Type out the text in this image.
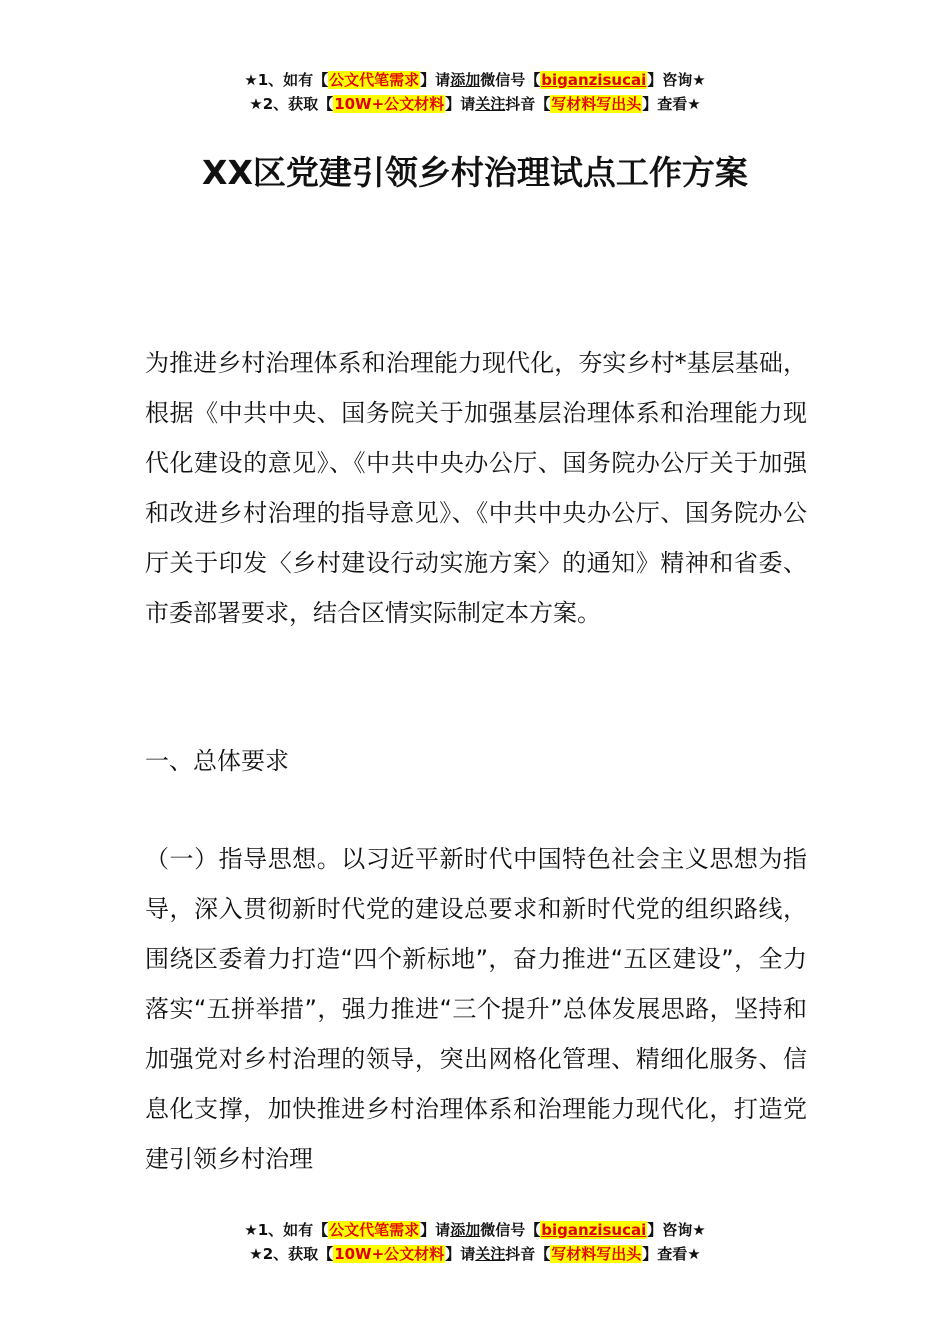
★1、如有【公文代笔需求】请添加微信号【biganzisucai】咨询★
★2、获取【10W+公文材料】请关注抖音【写材料写出头】查看★
XX区党建引领乡村治理试点工作方案
为推进乡村治理体系和治理能力现代化，夯实乡村*基层基础，根据《中共中央、国务院关于加强基层治理体系和治理能力现代化建设的意见》、《中共中央办公厅、国务院办公厅关于加强和改进乡村治理的指导意见》、《中共中央办公厅、国务院办公厅关于印发〈乡村建设行动实施方案〉的通知》精神和省委、市委部署要求，结合区情实际制定本方案。
一、总体要求
（一）指导思想。以习近平新时代中国特色社会主义思想为指导，深入贯彻新时代党的建设总要求和新时代党的组织路线，围绕区委着力打造“四个新标地”，奋力推进“五区建设”，全力落实“五拼举措”，强力推进“三个提升”总体发展思路，坚持和加强党对乡村治理的领导，突出网格化管理、精细化服务、信息化支撑，加快推进乡村治理体系和治理能力现代化，打造党建引领乡村治理
★1、如有【公文代笔需求】请添加微信号【biganzisucai】咨询★
★2、获取【10W+公文材料】请关注抖音【写材料写出头】查看★
